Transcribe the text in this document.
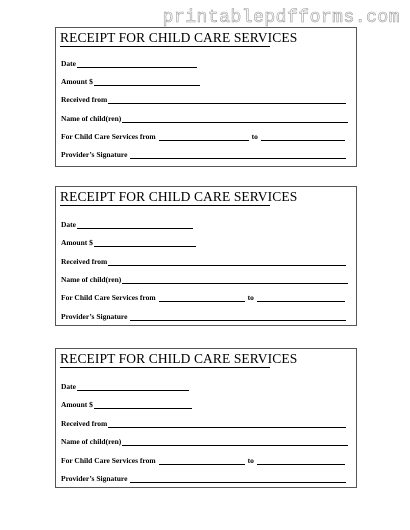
printablepdfforms.com
RECEIPT FOR CHILD CARE SERVICES
Date
Amount $
Received from
Name of child(ren)
For Child Care Services from	to
Provider’s Signature
RECEIPT FOR CHILD CARE SERVICES
Date
Amount $
Received from
Name of child(ren)
For Child Care Services from	to
Provider’s Signature
RECEIPT FOR CHILD CARE SERVICES
Date
Amount $
Received from
Name of child(ren)
For Child Care Services from	to
Provider’s Signature
